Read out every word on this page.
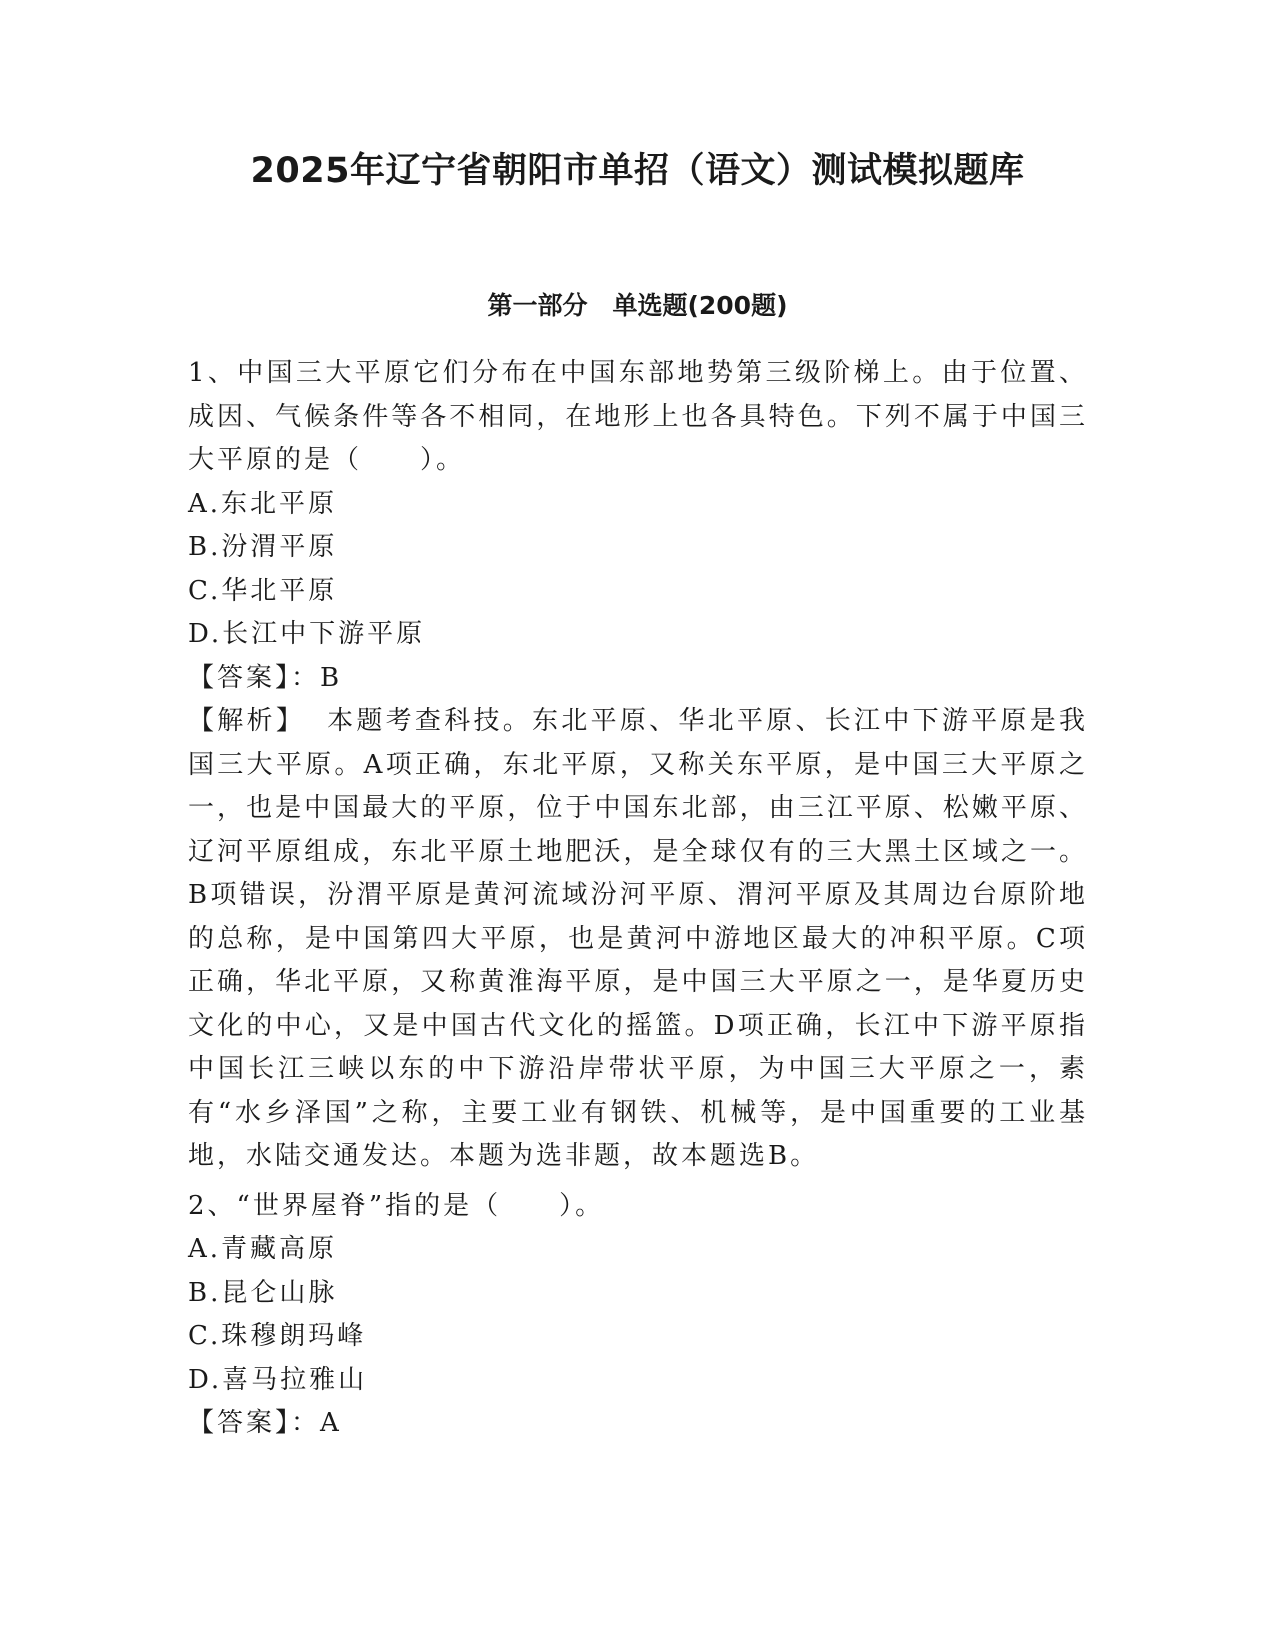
2025年辽宁省朝阳市单招（语文）测试模拟题库
第一部分　单选题(200题)

1、中国三大平原它们分布在中国东部地势第三级阶梯上。由于位置、成因、气候条件等各不相同，在地形上也各具特色。下列不属于中国三大平原的是（　　）。

A.东北平原

B.汾渭平原

C.华北平原

D.长江中下游平原

【答案】：B

【解析】 本题考查科技。东北平原、华北平原、长江中下游平原是我国三大平原。A项正确，东北平原，又称关东平原，是中国三大平原之一，也是中国最大的平原，位于中国东北部，由三江平原、松嫩平原、辽河平原组成，东北平原土地肥沃，是全球仅有的三大黑土区域之一。B项错误，汾渭平原是黄河流域汾河平原、渭河平原及其周边台原阶地的总称，是中国第四大平原，也是黄河中游地区最大的冲积平原。C项正确，华北平原，又称黄淮海平原，是中国三大平原之一，是华夏历史文化的中心，又是中国古代文化的摇篮。D项正确，长江中下游平原指中国长江三峡以东的中下游沿岸带状平原，为中国三大平原之一，素有“水乡泽国”之称，主要工业有钢铁、机械等，是中国重要的工业基地，水陆交通发达。本题为选非题，故本题选B。

2、“世界屋脊”指的是（　　）。

A.青藏高原

B.昆仑山脉

C.珠穆朗玛峰

D.喜马拉雅山

【答案】：A
